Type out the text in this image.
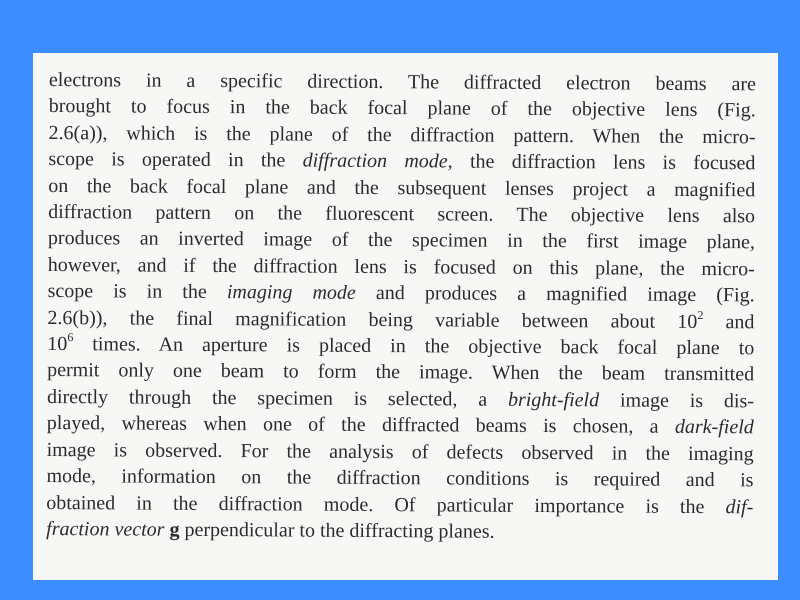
electrons in a specific direction. The diffracted electron beams are
brought to focus in the back focal plane of the objective lens (Fig.
2.6(a)), which is the plane of the diffraction pattern. When the micro-
scope is operated in the diffraction mode, the diffraction lens is focused
on the back focal plane and the subsequent lenses project a magnified
diffraction pattern on the fluorescent screen. The objective lens also
produces an inverted image of the specimen in the first image plane,
however, and if the diffraction lens is focused on this plane, the micro-
scope is in the imaging mode and produces a magnified image (Fig.
2.6(b)), the final magnification being variable between about $10^2$ and
$10^6$ times. An aperture is placed in the objective back focal plane to
permit only one beam to form the image. When the beam transmitted
directly through the specimen is selected, a bright-field image is dis-
played, whereas when one of the diffracted beams is chosen, a dark-field
image is observed. For the analysis of defects observed in the imaging
mode, information on the diffraction conditions is required and is
obtained in the diffraction mode. Of particular importance is the dif-
fraction vector g perpendicular to the diffracting planes.
